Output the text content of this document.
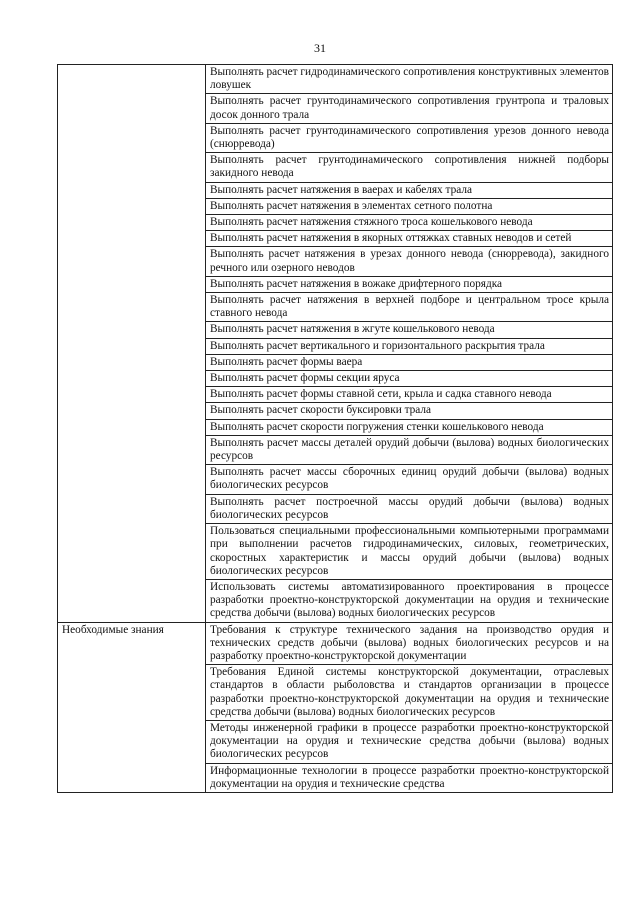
31
	Выполнять расчет гидродинамического сопротивления конструктивных элементов ловушек
	Выполнять расчет грунтодинамического сопротивления грунтропа и траловых досок донного трала
	Выполнять расчет грунтодинамического сопротивления урезов донного невода (снюрревода)
	Выполнять расчет грунтодинамического сопротивления нижней подборы закидного невода
	Выполнять расчет натяжения в ваерах и кабелях трала
	Выполнять расчет натяжения в элементах сетного полотна
	Выполнять расчет натяжения стяжного троса кошелькового невода
	Выполнять расчет натяжения в якорных оттяжках ставных неводов и сетей
	Выполнять расчет натяжения в урезах донного невода (снюрревода), закидного речного или озерного неводов
	Выполнять расчет натяжения в вожаке дрифтерного порядка
	Выполнять расчет натяжения в верхней подборе и центральном тросе крыла ставного невода
	Выполнять расчет натяжения в жгуте кошелькового невода
	Выполнять расчет вертикального и горизонтального раскрытия трала
	Выполнять расчет формы ваера
	Выполнять расчет формы секции яруса
	Выполнять расчет формы ставной сети, крыла и садка ставного невода
	Выполнять расчет скорости буксировки трала
	Выполнять расчет скорости погружения стенки кошелькового невода
	Выполнять расчет массы деталей орудий добычи (вылова) водных биологических ресурсов
	Выполнять расчет массы сборочных единиц орудий добычи (вылова) водных биологических ресурсов
	Выполнять расчет построечной массы орудий добычи (вылова) водных биологических ресурсов
	Пользоваться специальными профессиональными компьютерными программами при выполнении расчетов гидродинамических, силовых, геометрических, скоростных характеристик и массы орудий добычи (вылова) водных биологических ресурсов
	Использовать системы автоматизированного проектирования в процессе разработки проектно-конструкторской документации на орудия и технические средства добычи (вылова) водных биологических ресурсов
Необходимые знания	Требования к структуре технического задания на производство орудия и технических средств добычи (вылова) водных биологических ресурсов и на разработку проектно-конструкторской документации
	Требования Единой системы конструкторской документации, отраслевых стандартов в области рыболовства и стандартов организации в процессе разработки проектно-конструкторской документации на орудия и технические средства добычи (вылова) водных биологических ресурсов
	Методы инженерной графики в процессе разработки проектно-конструкторской документации на орудия и технические средства добычи (вылова) водных биологических ресурсов
	Информационные технологии в процессе разработки проектно-конструкторской документации на орудия и технические средства
